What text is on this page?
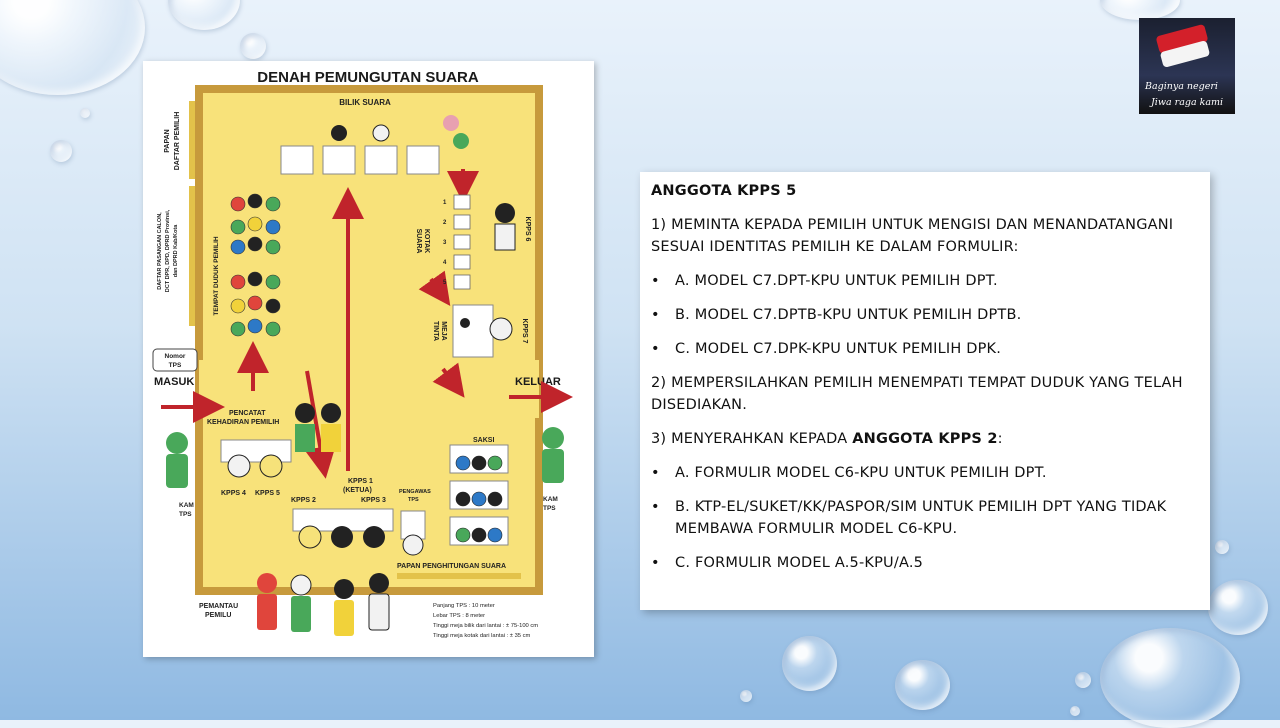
Baginya negeri
Jiwa raga kami
DENAH PEMUNGUTAN SUARA
PAPAN DAFTAR PEMILIH
DAFTAR PASANGAN CALON, DCT DPR, DPD, DPRD Provinsi, dan DPRD Kab/Kota	TEMPAT DUDUK PEMILIH
BILIK SUARA
Nomor
TPS
MASUK	KELUAR
PENCATAT
KEHADIRAN PEMILIH
KPPS 4 KPPS 5
KOTAK
SUARA
1
2
3
4
5
KPPS 6
MEJA
TINTA	KPPS 7
SAKSI
KAM
TPS
KAM
TPS
KPPS 1
(KETUA)
KPPS 2	KPPS 3
PENGAWAS
TPS
PAPAN PENGHITUNGAN SUARA
PEMANTAU
PEMILU
Panjang TPS : 10 meter
Lebar TPS : 8 meter
Tinggi meja bilik dari lantai : ± 75-100 cm
Tinggi meja kotak dari lantai : ± 35 cm

ANGGOTA KPPS 5

1) MEMINTA KEPADA PEMILIH UNTUK MENGISI DAN MENANDATANGANI SESUAI IDENTITAS PEMILIH KE DALAM FORMULIR:

• A. MODEL C7.DPT-KPU UNTUK PEMILIH DPT.

• B. MODEL C7.DPTB-KPU UNTUK PEMILIH DPTB.

• C. MODEL C7.DPK-KPU UNTUK PEMILIH DPK.

2) MEMPERSILAHKAN PEMILIH MENEMPATI TEMPAT DUDUK YANG TELAH DISEDIAKAN.

3) MENYERAHKAN KEPADA ANGGOTA KPPS 2:

• A. FORMULIR MODEL C6-KPU UNTUK PEMILIH DPT.

• B. KTP-EL/SUKET/KK/PASPOR/SIM UNTUK PEMILIH DPT YANG TIDAK MEMBAWA FORMULIR MODEL C6-KPU.

• C. FORMULIR MODEL A.5-KPU/A.5
